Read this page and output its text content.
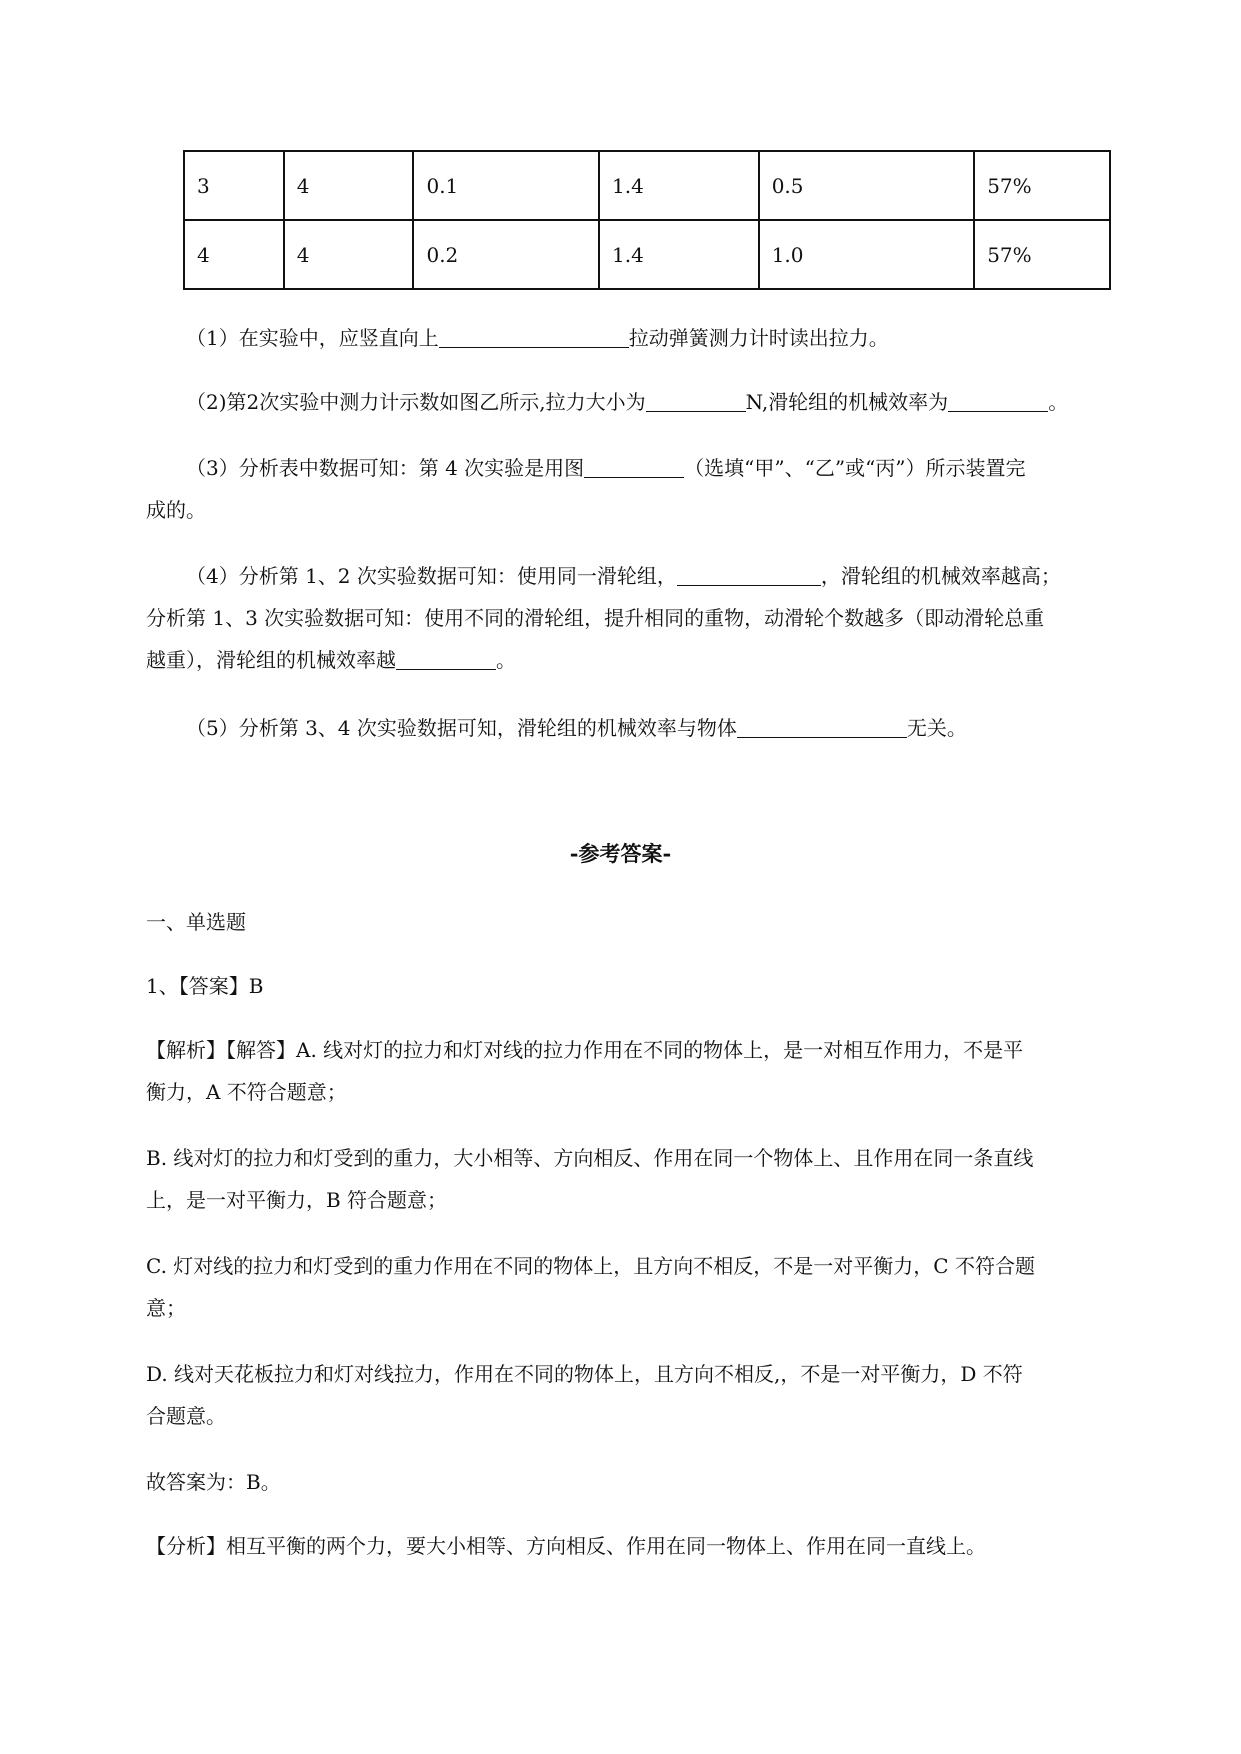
3	4	0.1	1.4	0.5	57%
4	4	0.2	1.4	1.0	57%
（1）在实验中，应竖直向上	拉动弹簧测力计时读出拉力。
（2)第2次实验中测力计示数如图乙所示,拉力大小为	N,滑轮组的机械效率为	。
（3）分析表中数据可知：第 4 次实验是用图	（选填“甲”、“乙”或“丙”）所示装置完
成的。
（4）分析第 1、2 次实验数据可知：使用同一滑轮组，	，滑轮组的机械效率越高；
分析第 1、3 次实验数据可知：使用不同的滑轮组，提升相同的重物，动滑轮个数越多（即动滑轮总重
越重），滑轮组的机械效率越	。
（5）分析第 3、4 次实验数据可知，滑轮组的机械效率与物体	无关。
-参考答案-
一、单选题
1、【答案】B
【解析】【解答】A. 线对灯的拉力和灯对线的拉力作用在不同的物体上，是一对相互作用力，不是平
衡力，A 不符合题意；
B. 线对灯的拉力和灯受到的重力，大小相等、方向相反、作用在同一个物体上、且作用在同一条直线
上，是一对平衡力，B 符合题意；
C. 灯对线的拉力和灯受到的重力作用在不同的物体上，且方向不相反，不是一对平衡力，C 不符合题
意；
D. 线对天花板拉力和灯对线拉力，作用在不同的物体上，且方向不相反,，不是一对平衡力，D 不符
合题意。
故答案为：B。
【分析】相互平衡的两个力，要大小相等、方向相反、作用在同一物体上、作用在同一直线上。
